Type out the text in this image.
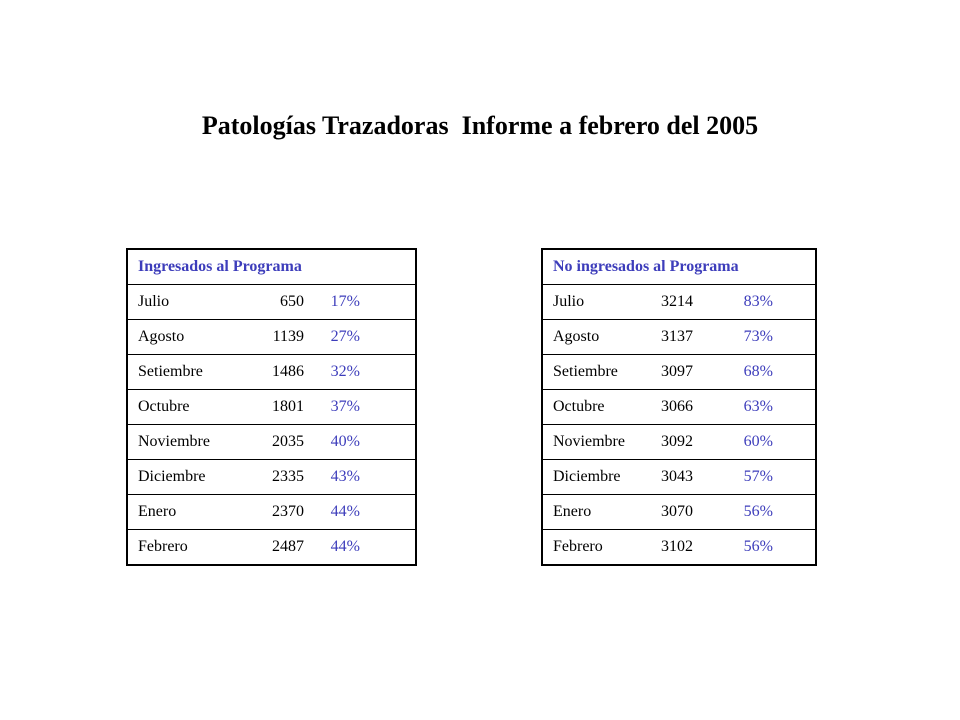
Patologías Trazadoras  Informe a febrero del 2005
Ingresados al Programa
Julio	650 17%
Agosto	1139 27%
Setiembre	1486 32%
Octubre	1801 37%
Noviembre	2035 40%
Diciembre	2335 43%
Enero	2370 44%
Febrero	2487 44%
No ingresados al Programa
Julio	3214	83%
Agosto	3137	73%
Setiembre	3097	68%
Octubre	3066	63%
Noviembre 3092	60%
Diciembre	3043	57%
Enero	3070	56%
Febrero	3102	56%
